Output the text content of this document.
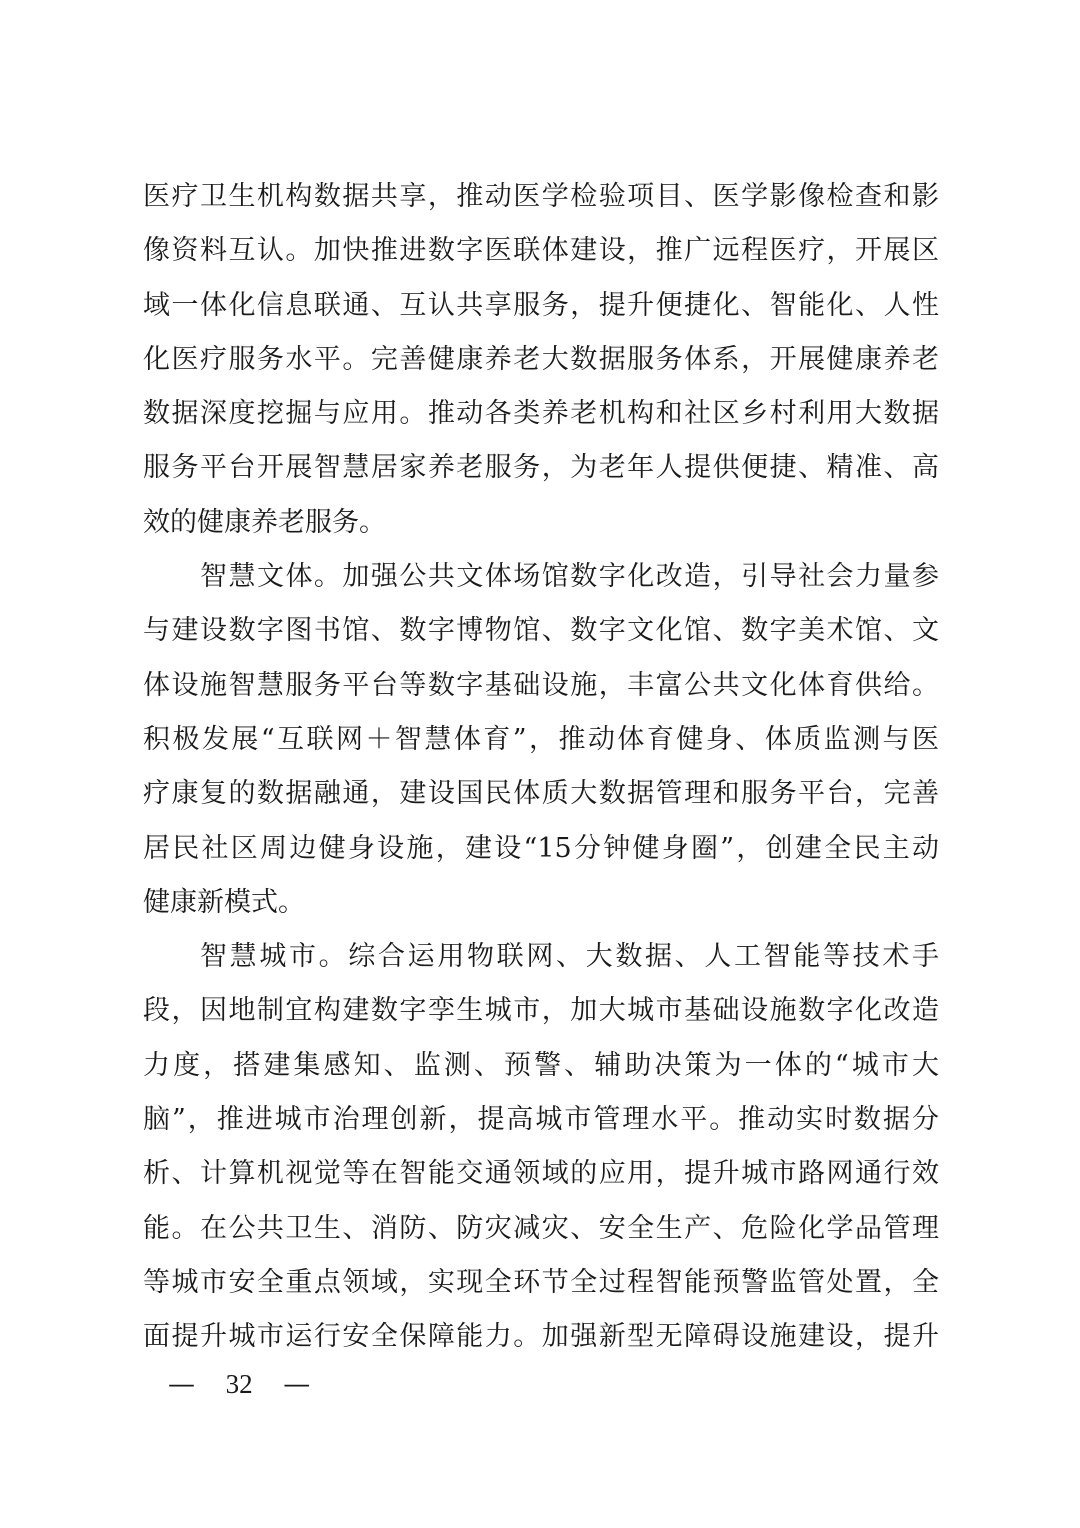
医疗卫生机构数据共享，推动医学检验项目、医学影像检查和影
像资料互认。加快推进数字医联体建设，推广远程医疗，开展区
域一体化信息联通、互认共享服务，提升便捷化、智能化、人性
化医疗服务水平。完善健康养老大数据服务体系，开展健康养老
数据深度挖掘与应用。推动各类养老机构和社区乡村利用大数据
服务平台开展智慧居家养老服务，为老年人提供便捷、精准、高
效的健康养老服务。
智慧文体。加强公共文体场馆数字化改造，引导社会力量参
与建设数字图书馆、数字博物馆、数字文化馆、数字美术馆、文
体设施智慧服务平台等数字基础设施，丰富公共文化体育供给。
积极发展“互联网＋智慧体育”，推动体育健身、体质监测与医
疗康复的数据融通，建设国民体质大数据管理和服务平台，完善
居民社区周边健身设施，建设“15分钟健身圈”，创建全民主动
健康新模式。
智慧城市。综合运用物联网、大数据、人工智能等技术手
段，因地制宜构建数字孪生城市，加大城市基础设施数字化改造
力度，搭建集感知、监测、预警、辅助决策为一体的“城市大
脑”，推进城市治理创新，提高城市管理水平。推动实时数据分
析、计算机视觉等在智能交通领域的应用，提升城市路网通行效
能。在公共卫生、消防、防灾减灾、安全生产、危险化学品管理
等城市安全重点领域，实现全环节全过程智能预警监管处置，全
面提升城市运行安全保障能力。加强新型无障碍设施建设，提升
— 32 —
